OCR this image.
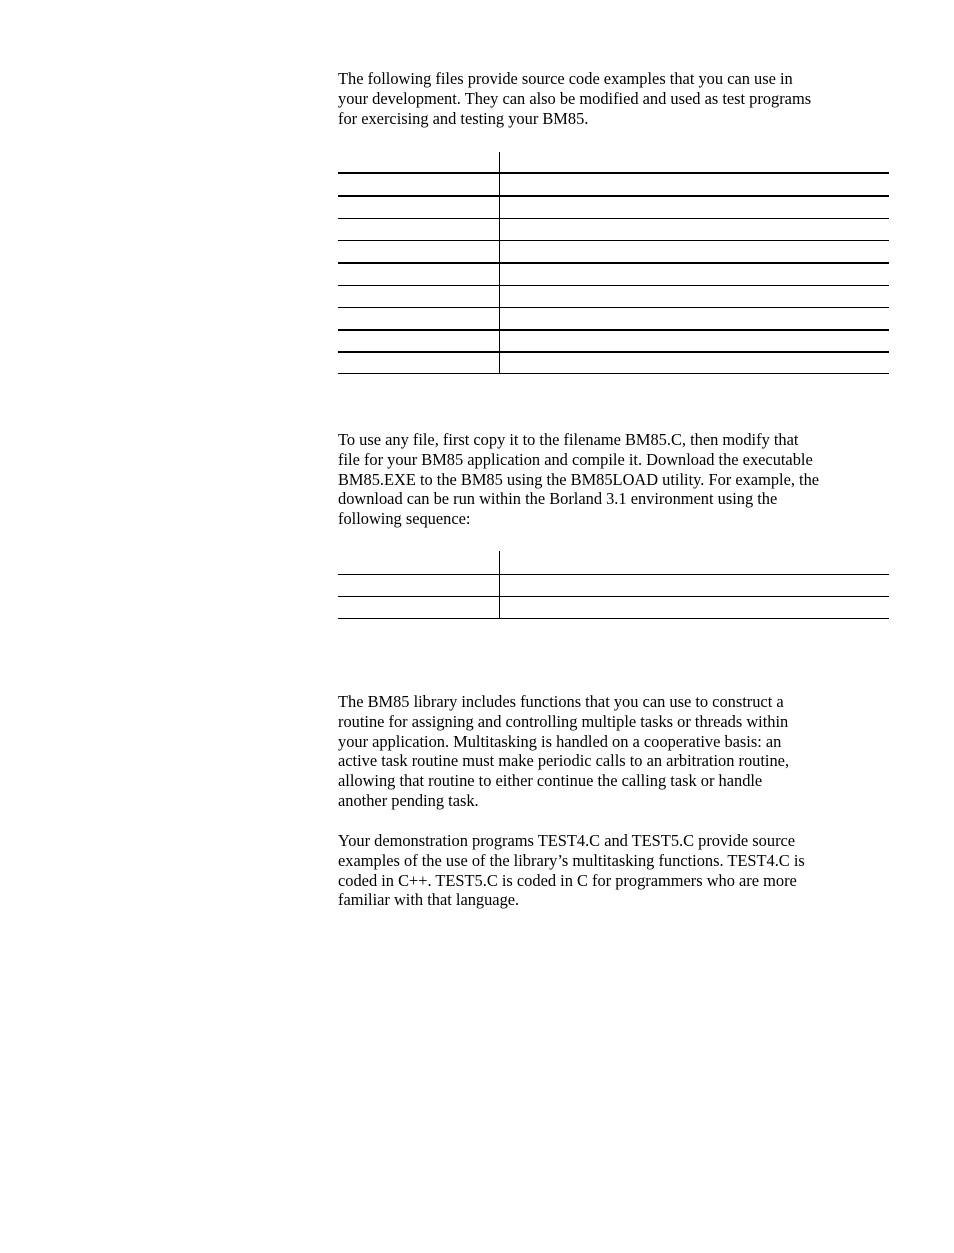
The following files provide source code examples that you can use in
your development. They can also be modified and used as test programs
for exercising and testing your BM85.

To use any file, first copy it to the filename BM85.C, then modify that
file for your BM85 application and compile it. Download the executable
BM85.EXE to the BM85 using the BM85LOAD utility. For example, the
download can be run within the Borland 3.1 environment using the
following sequence:

The BM85 library includes functions that you can use to construct a
routine for assigning and controlling multiple tasks or threads within
your application. Multitasking is handled on a cooperative basis: an
active task routine must make periodic calls to an arbitration routine,
allowing that routine to either continue the calling task or handle
another pending task.

Your demonstration programs TEST4.C and TEST5.C provide source
examples of the use of the library’s multitasking functions. TEST4.C is
coded in C++. TEST5.C is coded in C for programmers who are more
familiar with that language.
